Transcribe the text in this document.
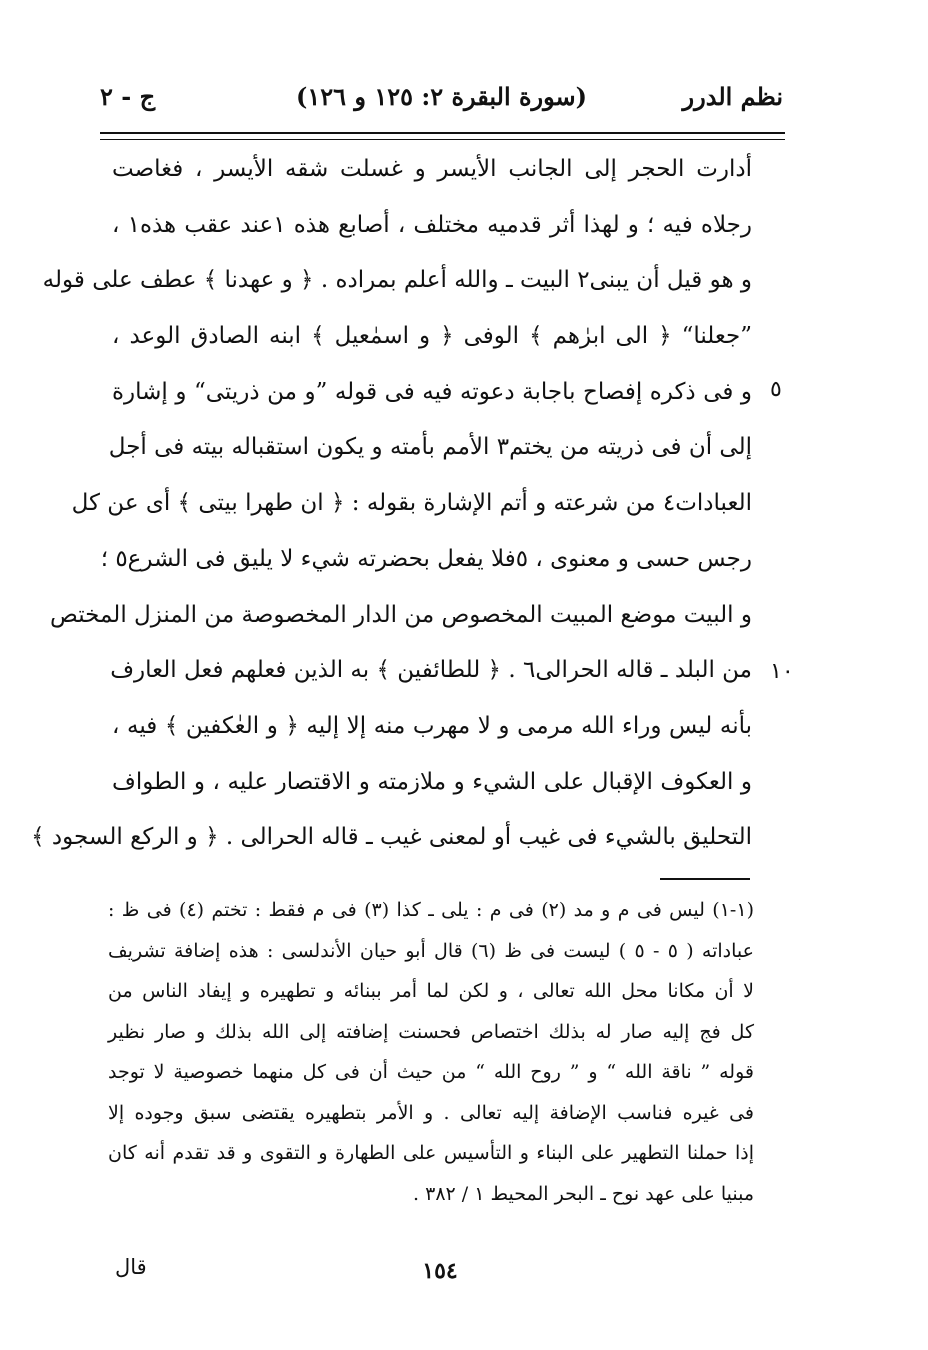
نظم الدرر
(سورة البقرة ٢: ١٢٥ و ١٢٦)
ج - ٢
أدارت الحجر إلى الجانب الأيسر و غسلت شقه الأيسر ، فغاصت
رجلاه فيه ؛ و لهذا أثر قدميه مختلف ، أصابع هذه ١عند عقب هذه١ ،
و هو قيل أن يبنى٢ البيت ـ والله أعلم بمراده . ﴿ و عهدنا ﴾ عطف على قوله
”جعلنا“ ﴿ الى ابرٰهم ﴾ الوفى ﴿ و اسمٰعيل ﴾ ابنه الصادق الوعد ،
و فى ذكره إفصاح باجابة دعوته فيه فى قوله ”و من ذريتى“ و إشارة
إلى أن فى ذريته من يختم٣ الأمم بأمته و يكون استقباله بيته فى أجل
العبادات٤ من شرعته و أتم الإشارة بقوله : ﴿ ان طهرا بيتى ﴾ أى عن كل
رجس حسى و معنوى ، ٥فلا يفعل بحضرته شيء لا يليق فى الشرع٥ ؛
و البيت موضع المبيت المخصوص من الدار المخصوصة من المنزل المختص
من البلد ـ قاله الحرالى٦ . ﴿ للطائفين ﴾ به الذين فعلهم فعل العارف
بأنه ليس وراء الله مرمى و لا مهرب منه إلا إليه ﴿ و العٰكفين ﴾ فيه ،
و العكوف الإقبال على الشيء و ملازمته و الاقتصار عليه ، و الطواف
التحليق بالشيء فى غيب أو لمعنى غيب ـ قاله الحرالى . ﴿ و الركع السجود ﴾
٥
١٠
(١-١) ليس فى م و مد (٢) فى م : يلى ـ كذا (٣) فى م فقط : تختم (٤) فى ظ :
عباداته ( ٥ - ٥ ) ليست فى ظ (٦) قال أبو حيان الأندلسى : هذه إضافة تشريف
لا أن مكانا محل الله تعالى ، و لكن لما أمر ببنائه و تطهيره و إيفاد الناس من
كل فج إليه صار له بذلك اختصاص فحسنت إضافته إلى الله بذلك و صار نظير
قوله ” ناقة الله “ و ” روح الله “ من حيث أن فى كل منهما خصوصية لا توجد
فى غيره فناسب الإضافة إليه تعالى . و الأمر بتطهيره يقتضى سبق وجوده إلا
إذا حملنا التطهير على البناء و التأسيس على الطهارة و التقوى و قد تقدم أنه كان
مبنيا على عهد نوح ـ البحر المحيط ١ / ٣٨٢ .
١٥٤
قال
